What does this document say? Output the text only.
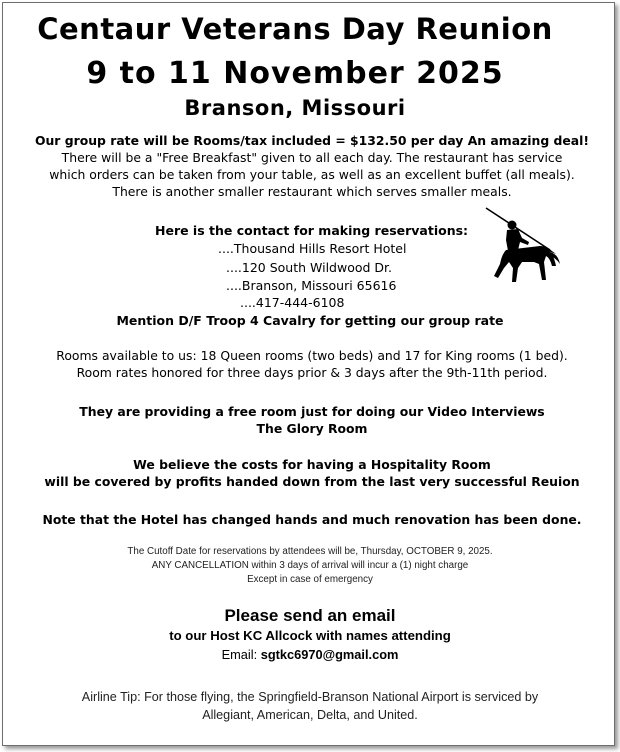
Centaur Veterans Day Reunion
9 to 11 November 2025
Branson, Missouri
Our group rate will be Rooms/tax included = $132.50 per day An amazing deal!
There will be a "Free Breakfast" given to all each day. The restaurant has service
which orders can be taken from your table, as well as an excellent buffet (all meals).
There is another smaller restaurant which serves smaller meals.
Here is the contact for making reservations:
....Thousand Hills Resort Hotel
....120 South Wildwood Dr.
....Branson, Missouri 65616
....417-444-6108
Mention D/F Troop 4 Cavalry for getting our group rate
Rooms available to us: 18 Queen rooms (two beds) and 17 for King rooms (1 bed).
Room rates honored for three days prior & 3 days after the 9th-11th period.
They are providing a free room just for doing our Video Interviews
The Glory Room
We believe the costs for having a Hospitality Room
will be covered by profits handed down from the last very successful Reuion
Note that the Hotel has changed hands and much renovation has been done.
The Cutoff Date for reservations by attendees will be, Thursday, OCTOBER 9, 2025.
ANY CANCELLATION within 3 days of arrival will incur a (1) night charge
Except in case of emergency
Please send an email
to our Host KC Allcock with names attending
Email: sgtkc6970@gmail.com
Airline Tip: For those flying, the Springfield-Branson National Airport is serviced by
Allegiant, American, Delta, and United.
